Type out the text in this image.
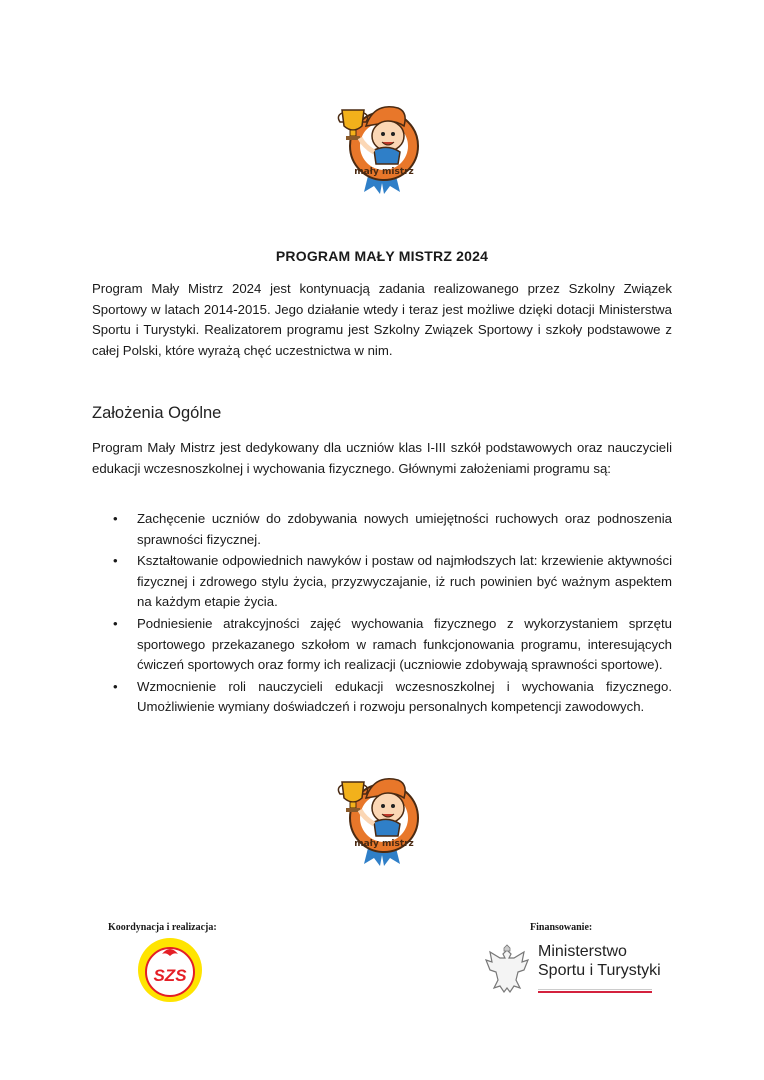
mały mistrz
PROGRAM MAŁY MISTRZ 2024
Program Mały Mistrz 2024 jest kontynuacją zadania realizowanego przez Szkolny Związek Sportowy w latach 2014-2015. Jego działanie wtedy i teraz jest możliwe dzięki dotacji Ministerstwa Sportu i Turystyki. Realizatorem programu jest Szkolny Związek Sportowy i szkoły podstawowe z całej Polski, które wyrażą chęć uczestnictwa w nim.
Założenia Ogólne
Program Mały Mistrz jest dedykowany dla uczniów klas I-III szkół podstawowych oraz nauczycieli edukacji wczesnoszkolnej i wychowania fizycznego. Głównymi założeniami programu są:
• Zachęcenie uczniów do zdobywania nowych umiejętności ruchowych oraz podnoszenia sprawności fizycznej.
• Kształtowanie odpowiednich nawyków i postaw od najmłodszych lat: krzewienie aktywności fizycznej i zdrowego stylu życia, przyzwyczajanie, iż ruch powinien być ważnym aspektem na każdym etapie życia.
• Podniesienie atrakcyjności zajęć wychowania fizycznego z wykorzystaniem sprzętu sportowego przekazanego szkołom w ramach funkcjonowania programu, interesujących ćwiczeń sportowych oraz formy ich realizacji (uczniowie zdobywają sprawności sportowe).
• Wzmocnienie roli nauczycieli edukacji wczesnoszkolnej i wychowania fizycznego. Umożliwienie wymiany doświadczeń i rozwoju personalnych kompetencji zawodowych.
mały mistrz
Koordynacja i realizacja:	Finansowanie:
SZS
Ministerstwo
Sportu i Turystyki
